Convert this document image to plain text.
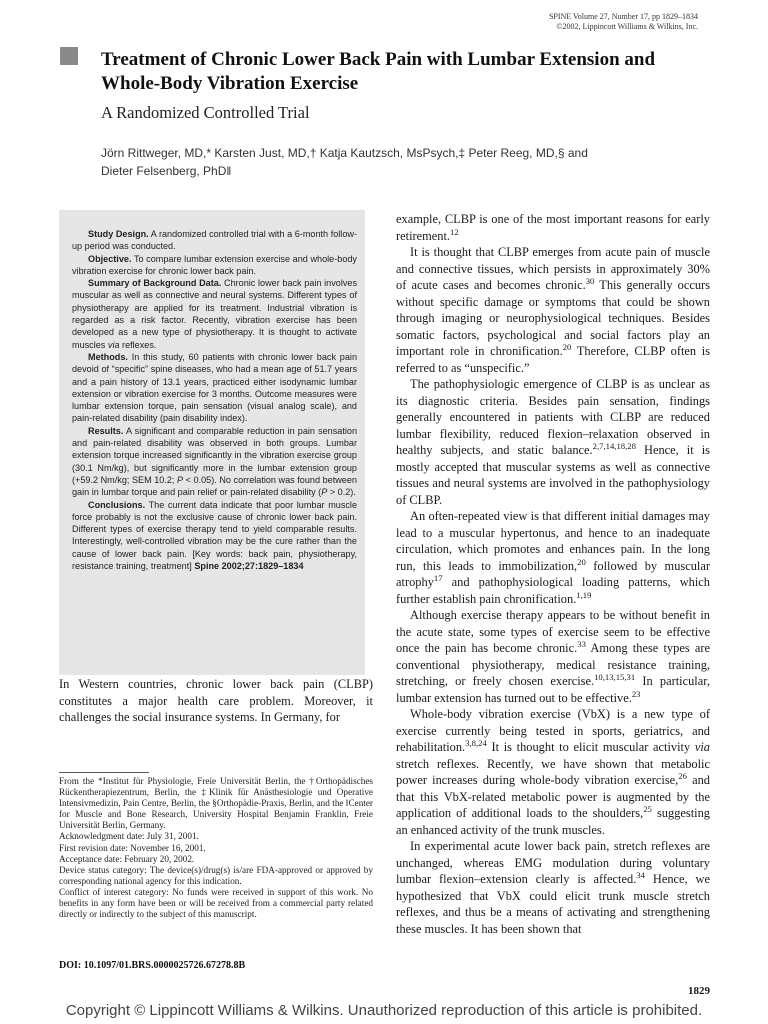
SPINE Volume 27, Number 17, pp 1829–1834
©2002, Lippincott Williams & Wilkins, Inc.
Treatment of Chronic Lower Back Pain with Lumbar Extension and Whole-Body Vibration Exercise
A Randomized Controlled Trial
Jörn Rittweger, MD,* Karsten Just, MD,† Katja Kautzsch, MsPsych,‡ Peter Reeg, MD,§ and
Dieter Felsenberg, PhD‖

Study Design. A randomized controlled trial with a 6-month follow-up period was conducted.

Objective. To compare lumbar extension exercise and whole-body vibration exercise for chronic lower back pain.

Summary of Background Data. Chronic lower back pain involves muscular as well as connective and neural systems. Different types of physiotherapy are applied for its treatment. Industrial vibration is regarded as a risk factor. Recently, vibration exercise has been developed as a new type of physiotherapy. It is thought to activate muscles via reflexes.

Methods. In this study, 60 patients with chronic lower back pain devoid of “specific” spine diseases, who had a mean age of 51.7 years and a pain history of 13.1 years, practiced either isodynamic lumbar extension or vibration exercise for 3 months. Outcome measures were lumbar extension torque, pain sensation (visual analog scale), and pain-related disability (pain disability index).

Results. A significant and comparable reduction in pain sensation and pain-related disability was observed in both groups. Lumbar extension torque increased significantly in the vibration exercise group (30.1 Nm/kg), but significantly more in the lumbar extension group (+59.2 Nm/kg; SEM 10.2; P < 0.05). No correlation was found between gain in lumbar torque and pain relief or pain-related disability (P > 0.2).

Conclusions. The current data indicate that poor lumbar muscle force probably is not the exclusive cause of chronic lower back pain. Different types of exercise therapy tend to yield comparable results. Interestingly, well-controlled vibration may be the cure rather than the cause of lower back pain. [Key words: back pain, physiotherapy, resistance training, treatment] Spine 2002;27:1829–1834

In Western countries, chronic lower back pain (CLBP) constitutes a major health care problem. Moreover, it challenges the social insurance systems. In Germany, for

From the *Institut für Physiologie, Freie Universität Berlin, the †Orthopädisches Rückentherapiezentrum, Berlin, the ‡Klinik für Anästhesiologie und Operative Intensivmedizin, Pain Centre, Berlin, the §Orthopädie-Praxis, Berlin, and the ‖Center for Muscle and Bone Research, University Hospital Benjamin Franklin, Freie Universität Berlin, Germany.

Acknowledgment date: July 31, 2001.

First revision date: November 16, 2001.

Acceptance date: February 20, 2002.

Device status category: The device(s)/drug(s) is/are FDA-approved or approved by corresponding national agency for this indication.

Conflict of interest category: No funds were received in support of this work. No benefits in any form have been or will be received from a commercial party related directly or indirectly to the subject of this manuscript.

DOI: 10.1097/01.BRS.0000025726.67278.8B

example, CLBP is one of the most important reasons for early retirement.$^{12}$

It is thought that CLBP emerges from acute pain of muscle and connective tissues, which persists in approximately 30% of acute cases and becomes chronic.$^{30}$ This generally occurs without specific damage or symptoms that could be shown through imaging or neurophysiological techniques. Besides somatic factors, psychological and social factors play an important role in chronification.$^{20}$ Therefore, CLBP often is referred to as “unspecific.”

The pathophysiologic emergence of CLBP is as unclear as its diagnostic criteria. Besides pain sensation, findings generally encountered in patients with CLBP are reduced lumbar flexibility, reduced flexion–relaxation observed in healthy subjects, and static balance.$^{2,7,14,18,28}$ Hence, it is mostly accepted that muscular systems as well as connective tissues and neural systems are involved in the pathophysiology of CLBP.

An often-repeated view is that different initial damages may lead to a muscular hypertonus, and hence to an inadequate circulation, which promotes and enhances pain. In the long run, this leads to immobilization,$^{20}$ followed by muscular atrophy$^{17}$ and pathophysiological loading patterns, which further establish pain chronification.$^{1,19}$

Although exercise therapy appears to be without benefit in the acute state, some types of exercise seem to be effective once the pain has become chronic.$^{33}$ Among these types are conventional physiotherapy, medical resistance training, stretching, or freely chosen exercise.$^{10,13,15,31}$ In particular, lumbar extension has turned out to be effective.$^{23}$

Whole-body vibration exercise (VbX) is a new type of exercise currently being tested in sports, geriatrics, and rehabilitation.$^{3,8,24}$ It is thought to elicit muscular activity via stretch reflexes. Recently, we have shown that metabolic power increases during whole-body vibration exercise,$^{26}$ and that this VbX-related metabolic power is augmented by the application of additional loads to the shoulders,$^{25}$ suggesting an enhanced activity of the trunk muscles.

In experimental acute lower back pain, stretch reflexes are unchanged, whereas EMG modulation during voluntary lumbar flexion–extension clearly is affected.$^{34}$ Hence, we hypothesized that VbX could elicit trunk muscle stretch reflexes, and thus be a means of activating and strengthening these muscles. It has been shown that

1829
Copyright © Lippincott Williams & Wilkins. Unauthorized reproduction of this article is prohibited.
